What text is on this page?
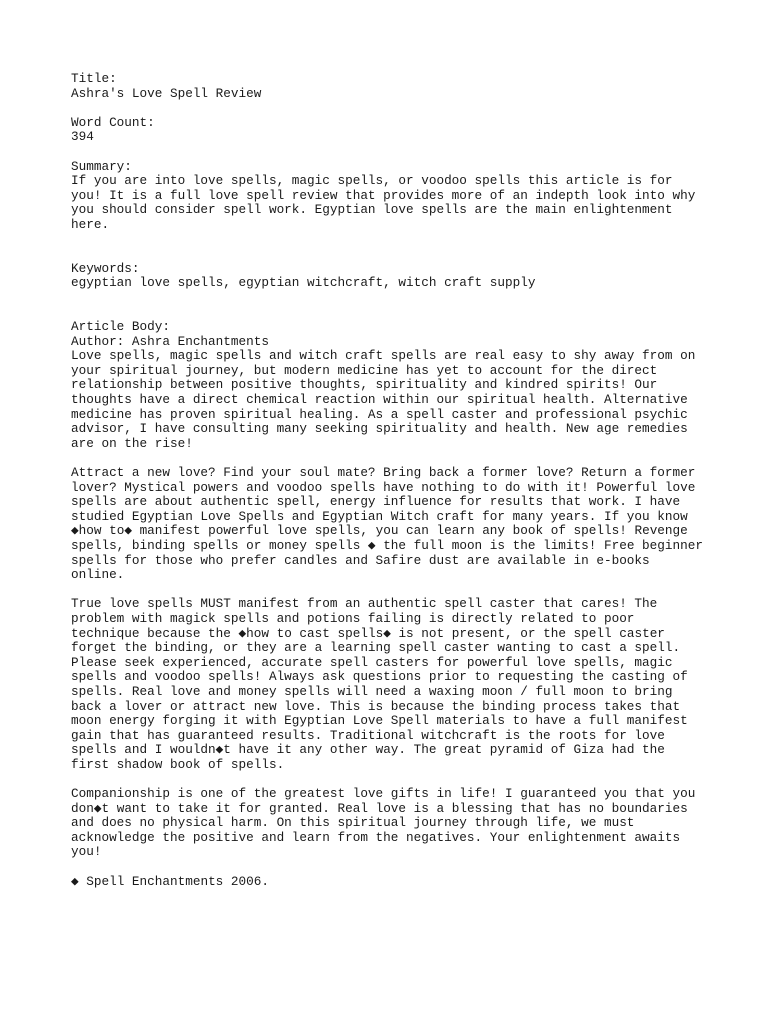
Title:
Ashra's Love Spell Review
Word Count:
394
Summary:
If you are into love spells, magic spells, or voodoo spells this article is for
you! It is a full love spell review that provides more of an indepth look into why
you should consider spell work. Egyptian love spells are the main enlightenment
here.
Keywords:
egyptian love spells, egyptian witchcraft, witch craft supply
Article Body:
Author: Ashra Enchantments
Love spells, magic spells and witch craft spells are real easy to shy away from on
your spiritual journey, but modern medicine has yet to account for the direct
relationship between positive thoughts, spirituality and kindred spirits! Our
thoughts have a direct chemical reaction within our spiritual health. Alternative
medicine has proven spiritual healing. As a spell caster and professional psychic
advisor, I have consulting many seeking spirituality and health. New age remedies
are on the rise!
Attract a new love? Find your soul mate? Bring back a former love? Return a former
lover? Mystical powers and voodoo spells have nothing to do with it! Powerful love
spells are about authentic spell, energy influence for results that work. I have
studied Egyptian Love Spells and Egyptian Witch craft for many years. If you know
◆how to◆ manifest powerful love spells, you can learn any book of spells! Revenge
spells, binding spells or money spells ◆ the full moon is the limits! Free beginner
spells for those who prefer candles and Safire dust are available in e-books
online.
True love spells MUST manifest from an authentic spell caster that cares! The
problem with magick spells and potions failing is directly related to poor
technique because the ◆how to cast spells◆ is not present, or the spell caster
forget the binding, or they are a learning spell caster wanting to cast a spell.
Please seek experienced, accurate spell casters for powerful love spells, magic
spells and voodoo spells! Always ask questions prior to requesting the casting of
spells. Real love and money spells will need a waxing moon / full moon to bring
back a lover or attract new love. This is because the binding process takes that
moon energy forging it with Egyptian Love Spell materials to have a full manifest
gain that has guaranteed results. Traditional witchcraft is the roots for love
spells and I wouldn◆t have it any other way. The great pyramid of Giza had the
first shadow book of spells.
Companionship is one of the greatest love gifts in life! I guaranteed you that you
don◆t want to take it for granted. Real love is a blessing that has no boundaries
and does no physical harm. On this spiritual journey through life, we must
acknowledge the positive and learn from the negatives. Your enlightenment awaits
you!
◆ Spell Enchantments 2006.
